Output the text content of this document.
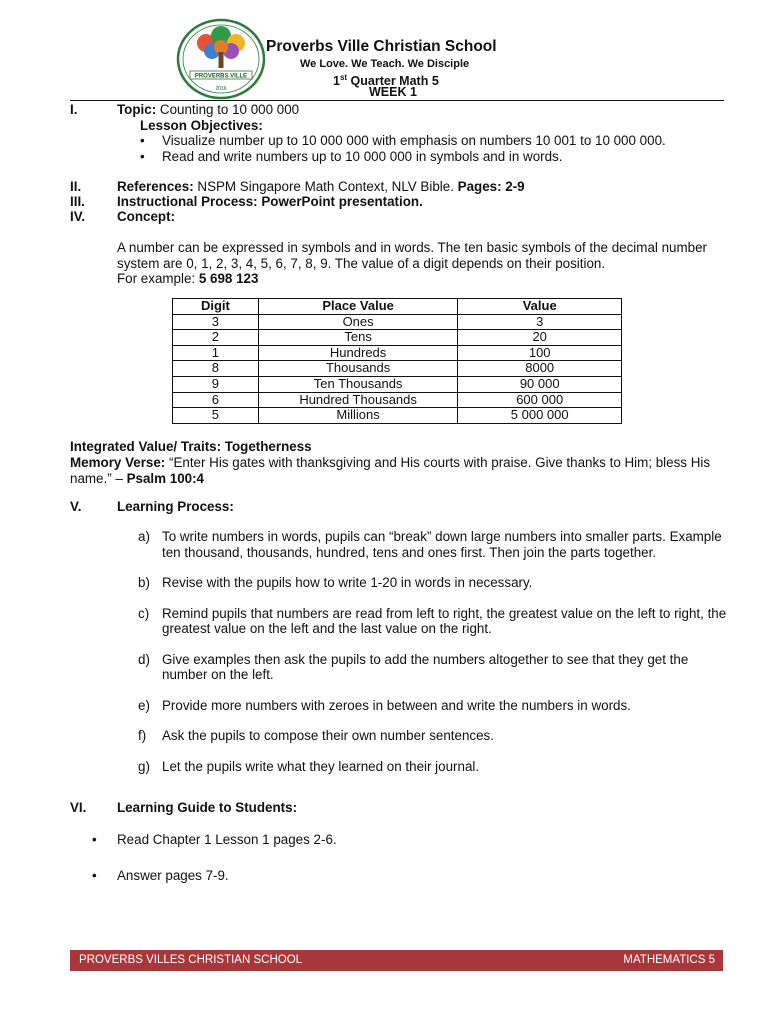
PROVERBS VILLE
2016
Proverbs Ville Christian School
We Love. We Teach. We Disciple
1st Quarter Math 5
WEEK 1
I.	Topic: Counting to 10 000 000
Lesson Objectives:
• Visualize number up to 10 000 000 with emphasis on numbers 10 001 to 10 000 000.
• Read and write numbers up to 10 000 000 in symbols and in words.
II.	References: NSPM Singapore Math Context, NLV Bible. Pages: 2-9
III. Instructional Process: PowerPoint presentation.
IV. Concept:
A number can be expressed in symbols and in words. The ten basic symbols of the decimal number system are 0, 1, 2, 3, 4, 5, 6, 7, 8, 9. The value of a digit depends on their position.
For example: 5 698 123
Digit	Place Value	Value
3	Ones	3
2	Tens	20
1	Hundreds	100
8	Thousands	8000
9	Ten Thousands	90 000
6	Hundred Thousands	600 000
5	Millions	5 000 000
Integrated Value/ Traits: Togetherness
Memory Verse: “Enter His gates with thanksgiving and His courts with praise. Give thanks to Him; bless His name.” – Psalm 100:4
V.	Learning Process:
a) To write numbers in words, pupils can “break” down large numbers into smaller parts. Example ten thousand, thousands, hundred, tens and ones first. Then join the parts together.
b) Revise with the pupils how to write 1-20 in words in necessary.
c) Remind pupils that numbers are read from left to right, the greatest value on the left to right, the greatest value on the left and the last value on the right.
d) Give examples then ask the pupils to add the numbers altogether to see that they get the number on the left.
e) Provide more numbers with zeroes in between and write the numbers in words.
f) Ask the pupils to compose their own number sentences.
g) Let the pupils write what they learned on their journal.
VI. Learning Guide to Students:
• Read Chapter 1 Lesson 1 pages 2-6.
• Answer pages 7-9.
PROVERBS VILLES CHRISTIAN SCHOOL	MATHEMATICS 5
